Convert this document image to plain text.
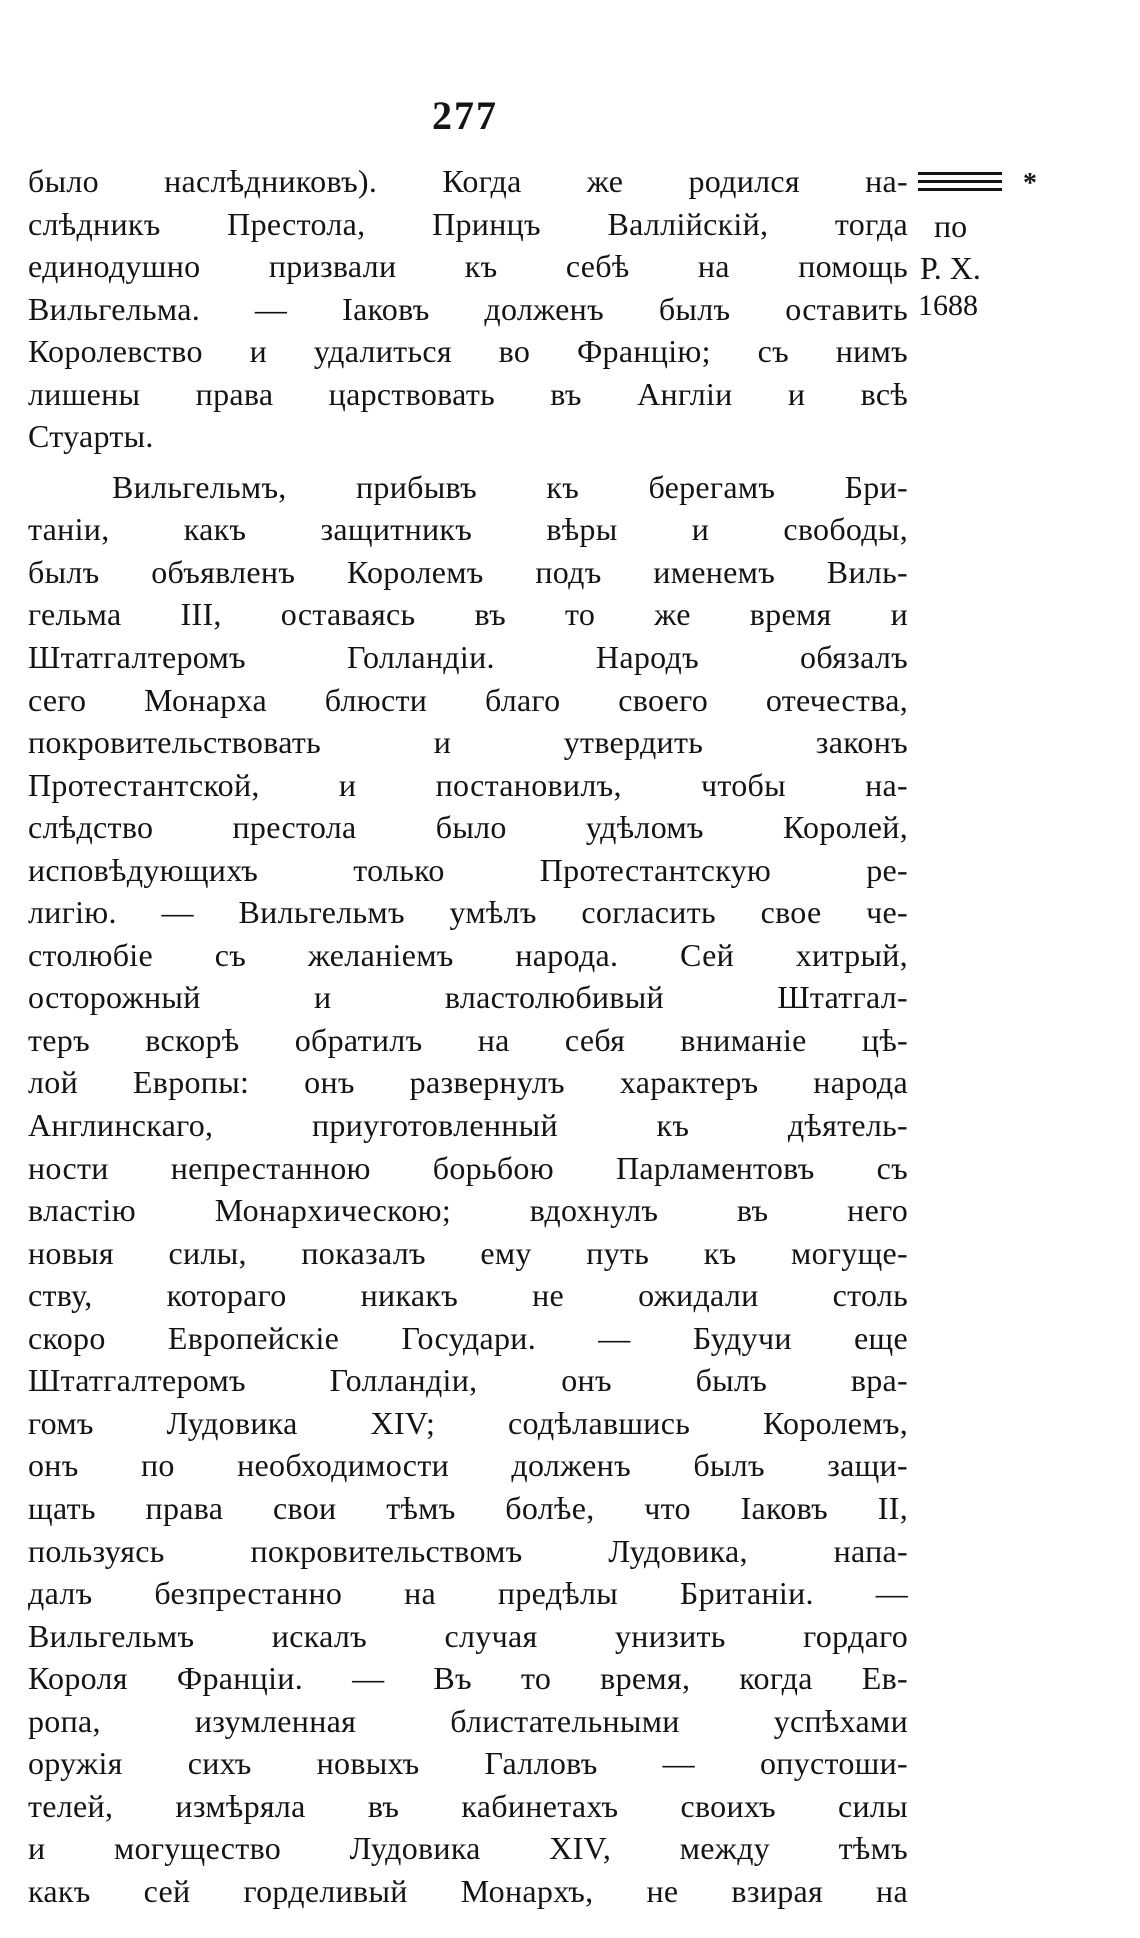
277
*
по
Р. Х.
1688
было наслѣдниковъ). Когда же родился на-
слѣдникъ Престола, Принцъ Валлійскій, тогда
единодушно призвали къ себѣ на помощь
Вильгельма. — Іаковъ долженъ былъ оставить
Королевство и удалиться во Францію; съ нимъ
лишены права царствовать въ Англіи и всѣ
Стуарты.
Вильгельмъ, прибывъ къ берегамъ Бри-
таніи, какъ защитникъ вѣры и свободы,
былъ объявленъ Королемъ подъ именемъ Виль-
гельма III, оставаясь въ то же время и
Штатгалтеромъ Голландіи. Народъ обязалъ
сего Монарха блюсти благо своего отечества,
покровительствовать и утвердить законъ
Протестантской, и постановилъ, чтобы на-
слѣдство престола было удѣломъ Королей,
исповѣдующихъ только Протестантскую ре-
лигію. — Вильгельмъ умѣлъ согласить свое че-
столюбіе съ желаніемъ народа. Сей хитрый,
осторожный и властолюбивый Штатгал-
теръ вскорѣ обратилъ на себя вниманіе цѣ-
лой Европы: онъ развернулъ характеръ народа
Англинскаго, приуготовленный къ дѣятель-
ности непрестанною борьбою Парламентовъ съ
властію Монархическою; вдохнулъ въ него
новыя силы, показалъ ему путь къ могуще-
ству, котораго никакъ не ожидали столь
скоро Европейскіе Государи. — Будучи еще
Штатгалтеромъ Голландіи, онъ былъ вра-
гомъ Лудовика XIV; содѣлавшись Королемъ,
онъ по необходимости долженъ былъ защи-
щать права свои тѣмъ болѣе, что Іаковъ II,
пользуясь покровительствомъ Лудовика, напа-
далъ безпрестанно на предѣлы Британіи. —
Вильгельмъ искалъ случая унизить гордаго
Короля Франціи. — Въ то время, когда Ев-
ропа, изумленная блистательными успѣхами
оружія сихъ новыхъ Галловъ — опустоши-
телей, измѣряла въ кабинетахъ своихъ силы
и могущество Лудовика XIV, между тѣмъ
какъ сей горделивый Монархъ, не взирая на
